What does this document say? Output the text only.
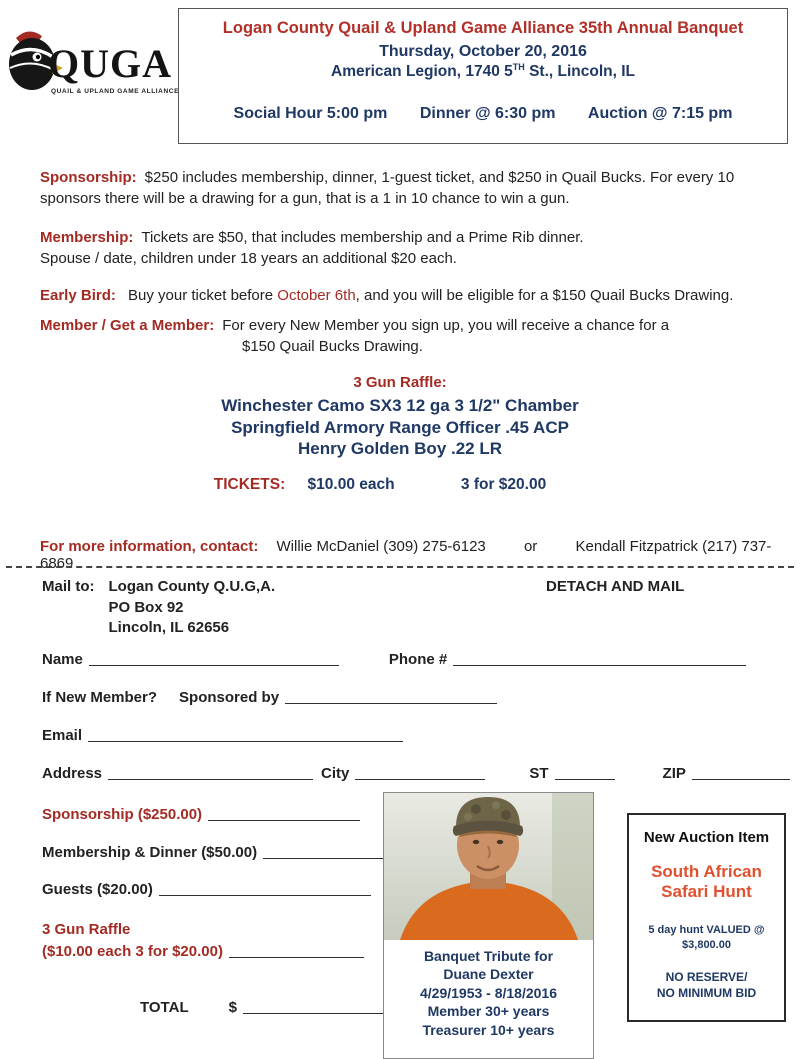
QUGA
QUAIL & UPLAND GAME ALLIANCE
Logan County Quail & Upland Game Alliance 35th Annual Banquet
Thursday, October 20, 2016
American Legion, 1740 5TH St., Lincoln, IL
Social Hour 5:00 pm Dinner @ 6:30 pm Auction @ 7:15 pm
Sponsorship: $250 includes membership, dinner, 1-guest ticket, and $250 in Quail Bucks. For every 10 sponsors there will be a drawing for a gun, that is a 1 in 10 chance to win a gun.
Membership: Tickets are $50, that includes membership and a Prime Rib dinner.
Spouse / date, children under 18 years an additional $20 each.
Early Bird: Buy your ticket before October 6th, and you will be eligible for a $150 Quail Bucks Drawing.
Member / Get a Member: For every New Member you sign up, you will receive a chance for a
$150 Quail Bucks Drawing.
3 Gun Raffle:
Winchester Camo SX3 12 ga 3 1/2" Chamber
Springfield Armory Range Officer .45 ACP
Henry Golden Boy .22 LR
TICKETS: $10.00 each	3 for $20.00
For more information, contact: Willie McDaniel (309) 275-6123	or	Kendall Fitzpatrick (217) 737-6869
Mail to: Logan County Q.U.G,A.
PO Box 92
Lincoln, IL 62656
DETACH AND MAIL
Name	Phone #
If New Member? Sponsored by
Email
Address	City	ST	ZIP
Sponsorship ($250.00)
Membership & Dinner ($50.00)
Guests ($20.00)
3 Gun Raffle
($10.00 each 3 for $20.00)
TOTAL	$
Banquet Tribute for
Duane Dexter
4/29/1953 - 8/18/2016
Member 30+ years
Treasurer 10+ years
New Auction Item
South African
Safari Hunt
5 day hunt VALUED @
$3,800.00
NO RESERVE/
NO MINIMUM BID
